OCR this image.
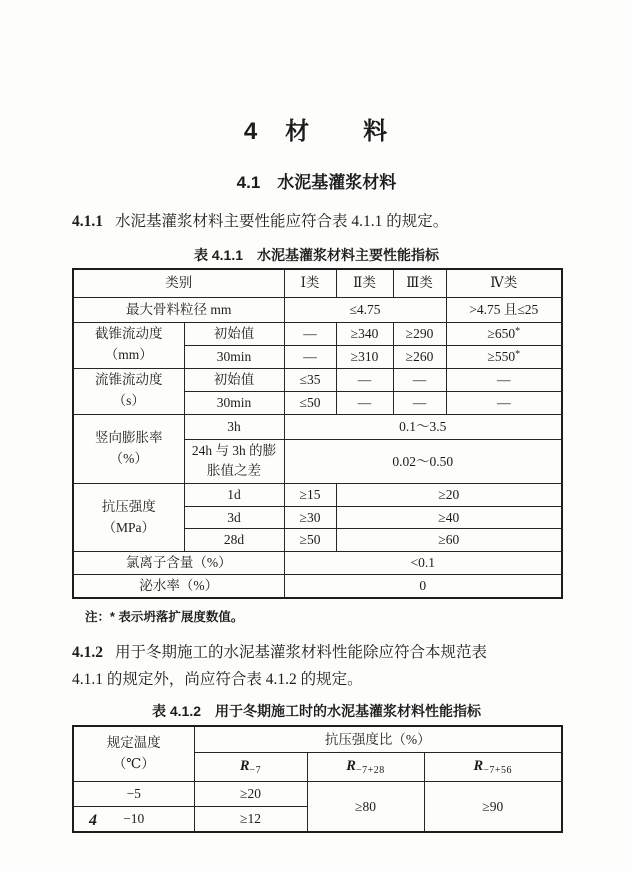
4　材　　料
4.1　水泥基灌浆材料

4.1.1 水泥基灌浆材料主要性能应符合表 4.1.1 的规定。

表 4.1.1　水泥基灌浆材料主要性能指标
类别		Ⅰ类	Ⅱ类	Ⅲ类	Ⅳ类
最大骨料粒径 mm		≤4.75			>4.75 且≤25

截锥流动度
（mm）	初始值	—	≥340	≥290	≥650*
	30min	—	≥310	≥260	≥550*

流锥流动度
（s）	初始值	≤35	—	—	—
	30min	≤50	—	—	—

竖向膨胀率
（%）	3h	0.1～3.5			

	24h 与 3h 的膨
胀值之差	0.02～0.50			

抗压强度
（MPa）	1d	≥15	≥20		
	3d	≥30	≥40		
	28d	≥50	≥60		
氯离子含量（%）		<0.1			
泌水率（%）		0			
注：* 表示坍落扩展度数值。

4.1.2 用于冬期施工的水泥基灌浆材料性能除应符合本规范表
4.1.1 的规定外，尚应符合表 4.1.2 的规定。

表 4.1.2　用于冬期施工时的水泥基灌浆材料性能指标
规定温度
（℃）	抗压强度比（%）		
	$R_{-7}$	$R_{-7+28}$	$R_{-7+56}$
−5	≥20	≥80	≥90
−10	≥12		
4
